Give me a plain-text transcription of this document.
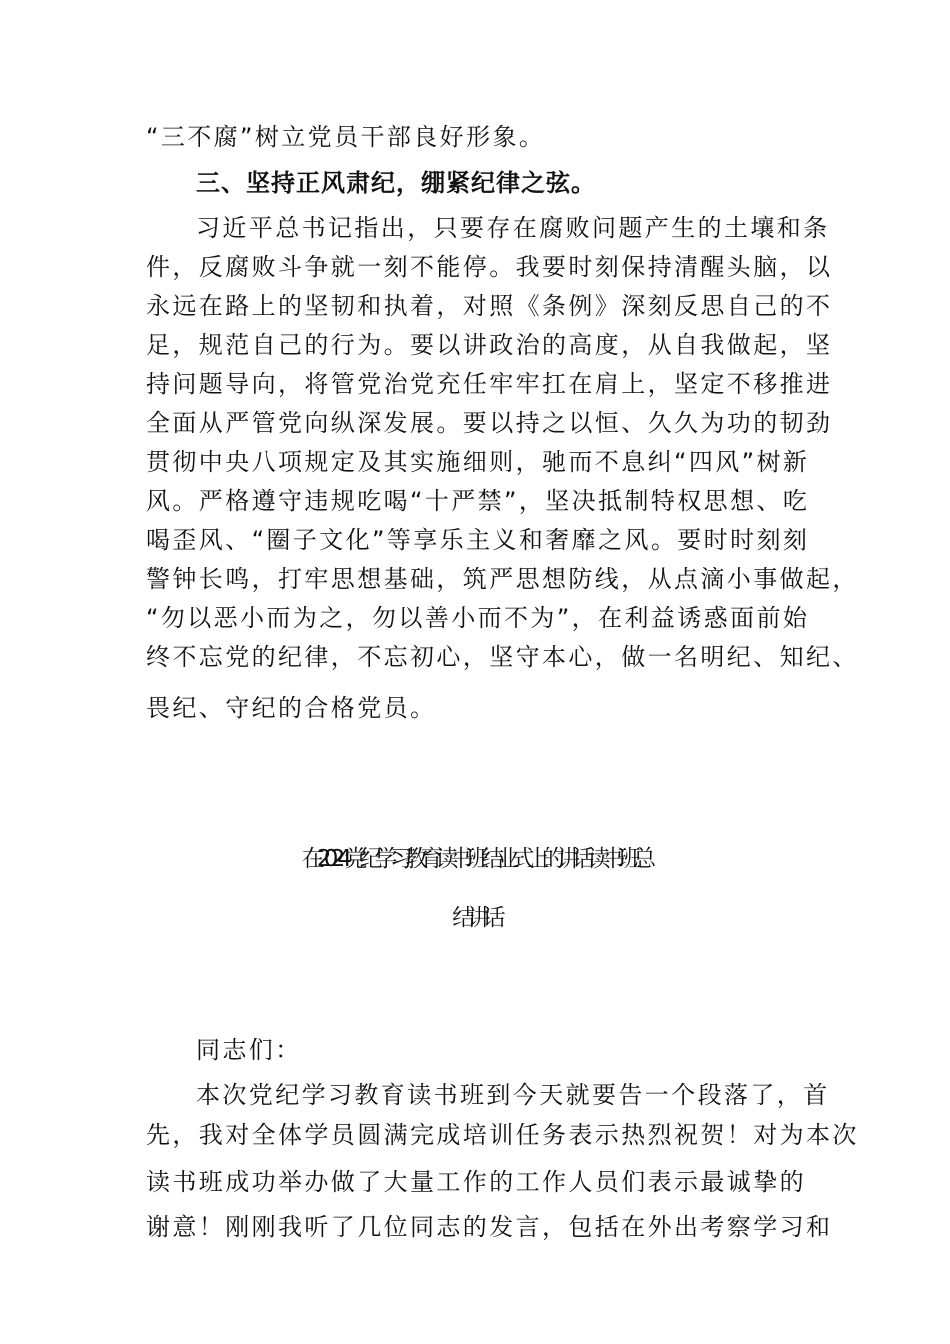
“三不腐”树立党员干部良好形象。
三、坚持正风肃纪，绷紧纪律之弦。
习近平总书记指出，只要存在腐败问题产生的土壤和条
件，反腐败斗争就一刻不能停。我要时刻保持清醒头脑，以
永远在路上的坚韧和执着，对照《条例》深刻反思自己的不
足，规范自己的行为。要以讲政治的高度，从自我做起，坚
持问题导向，将管党治党充任牢牢扛在肩上，坚定不移推进
全面从严管党向纵深发展。要以持之以恒、久久为功的韧劲
贯彻中央八项规定及其实施细则，驰而不息纠“四风”树新
风。严格遵守违规吃喝“十严禁”，坚决抵制特权思想、吃
喝歪风、“圈子文化”等享乐主义和奢靡之风。要时时刻刻
警钟长鸣，打牢思想基础，筑严思想防线，从点滴小事做起，
“勿以恶小而为之，勿以善小而不为”，在利益诱惑面前始
终不忘党的纪律，不忘初心，坚守本心，做一名明纪、知纪、
畏纪、守纪的合格党员。
在2024党纪学习教育读书班结业式上的讲话读书班总
结讲话
同志们：
本次党纪学习教育读书班到今天就要告一个段落了，首
先，我对全体学员圆满完成培训任务表示热烈祝贺！对为本次
读书班成功举办做了大量工作的工作人员们表示最诚挚的
谢意！刚刚我听了几位同志的发言，包括在外出考察学习和
